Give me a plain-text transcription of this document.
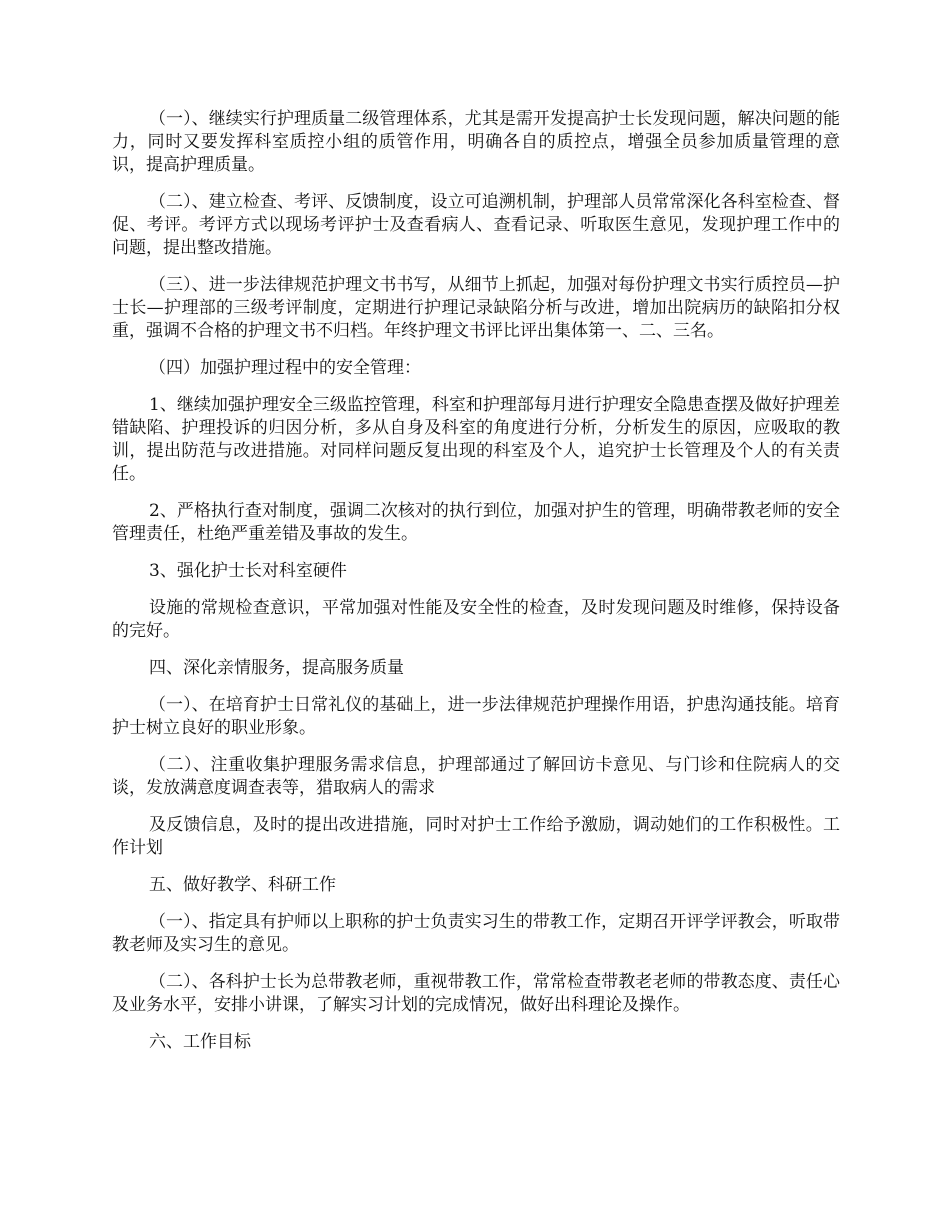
（一）、继续实行护理质量二级管理体系，尤其是需开发提高护士长发现问题，解决问题的能力，同时又要发挥科室质控小组的质管作用，明确各自的质控点，增强全员参加质量管理的意识，提高护理质量。

（二）、建立检查、考评、反馈制度，设立可追溯机制，护理部人员常常深化各科室检查、督促、考评。考评方式以现场考评护士及查看病人、查看记录、听取医生意见，发现护理工作中的问题，提出整改措施。

（三）、进一步法律规范护理文书书写，从细节上抓起，加强对每份护理文书实行质控员—护士长—护理部的三级考评制度，定期进行护理记录缺陷分析与改进，增加出院病历的缺陷扣分权重，强调不合格的护理文书不归档。年终护理文书评比评出集体第一、二、三名。

（四）加强护理过程中的安全管理：

1、继续加强护理安全三级监控管理，科室和护理部每月进行护理安全隐患查摆及做好护理差错缺陷、护理投诉的归因分析，多从自身及科室的角度进行分析，分析发生的原因，应吸取的教训，提出防范与改进措施。对同样问题反复出现的科室及个人，追究护士长管理及个人的有关责任。

2、严格执行查对制度，强调二次核对的执行到位，加强对护生的管理，明确带教老师的安全管理责任，杜绝严重差错及事故的发生。

3、强化护士长对科室硬件

设施的常规检查意识，平常加强对性能及安全性的检查，及时发现问题及时维修，保持设备的完好。

四、深化亲情服务，提高服务质量

（一）、在培育护士日常礼仪的基础上，进一步法律规范护理操作用语，护患沟通技能。培育护士树立良好的职业形象。

（二）、注重收集护理服务需求信息，护理部通过了解回访卡意见、与门诊和住院病人的交谈，发放满意度调查表等，猎取病人的需求

及反馈信息，及时的提出改进措施，同时对护士工作给予激励，调动她们的工作积极性。工作计划

五、做好教学、科研工作

（一）、指定具有护师以上职称的护士负责实习生的带教工作，定期召开评学评教会，听取带教老师及实习生的意见。

（二）、各科护士长为总带教老师，重视带教工作，常常检查带教老老师的带教态度、责任心及业务水平，安排小讲课，了解实习计划的完成情况，做好出科理论及操作。

六、工作目标
